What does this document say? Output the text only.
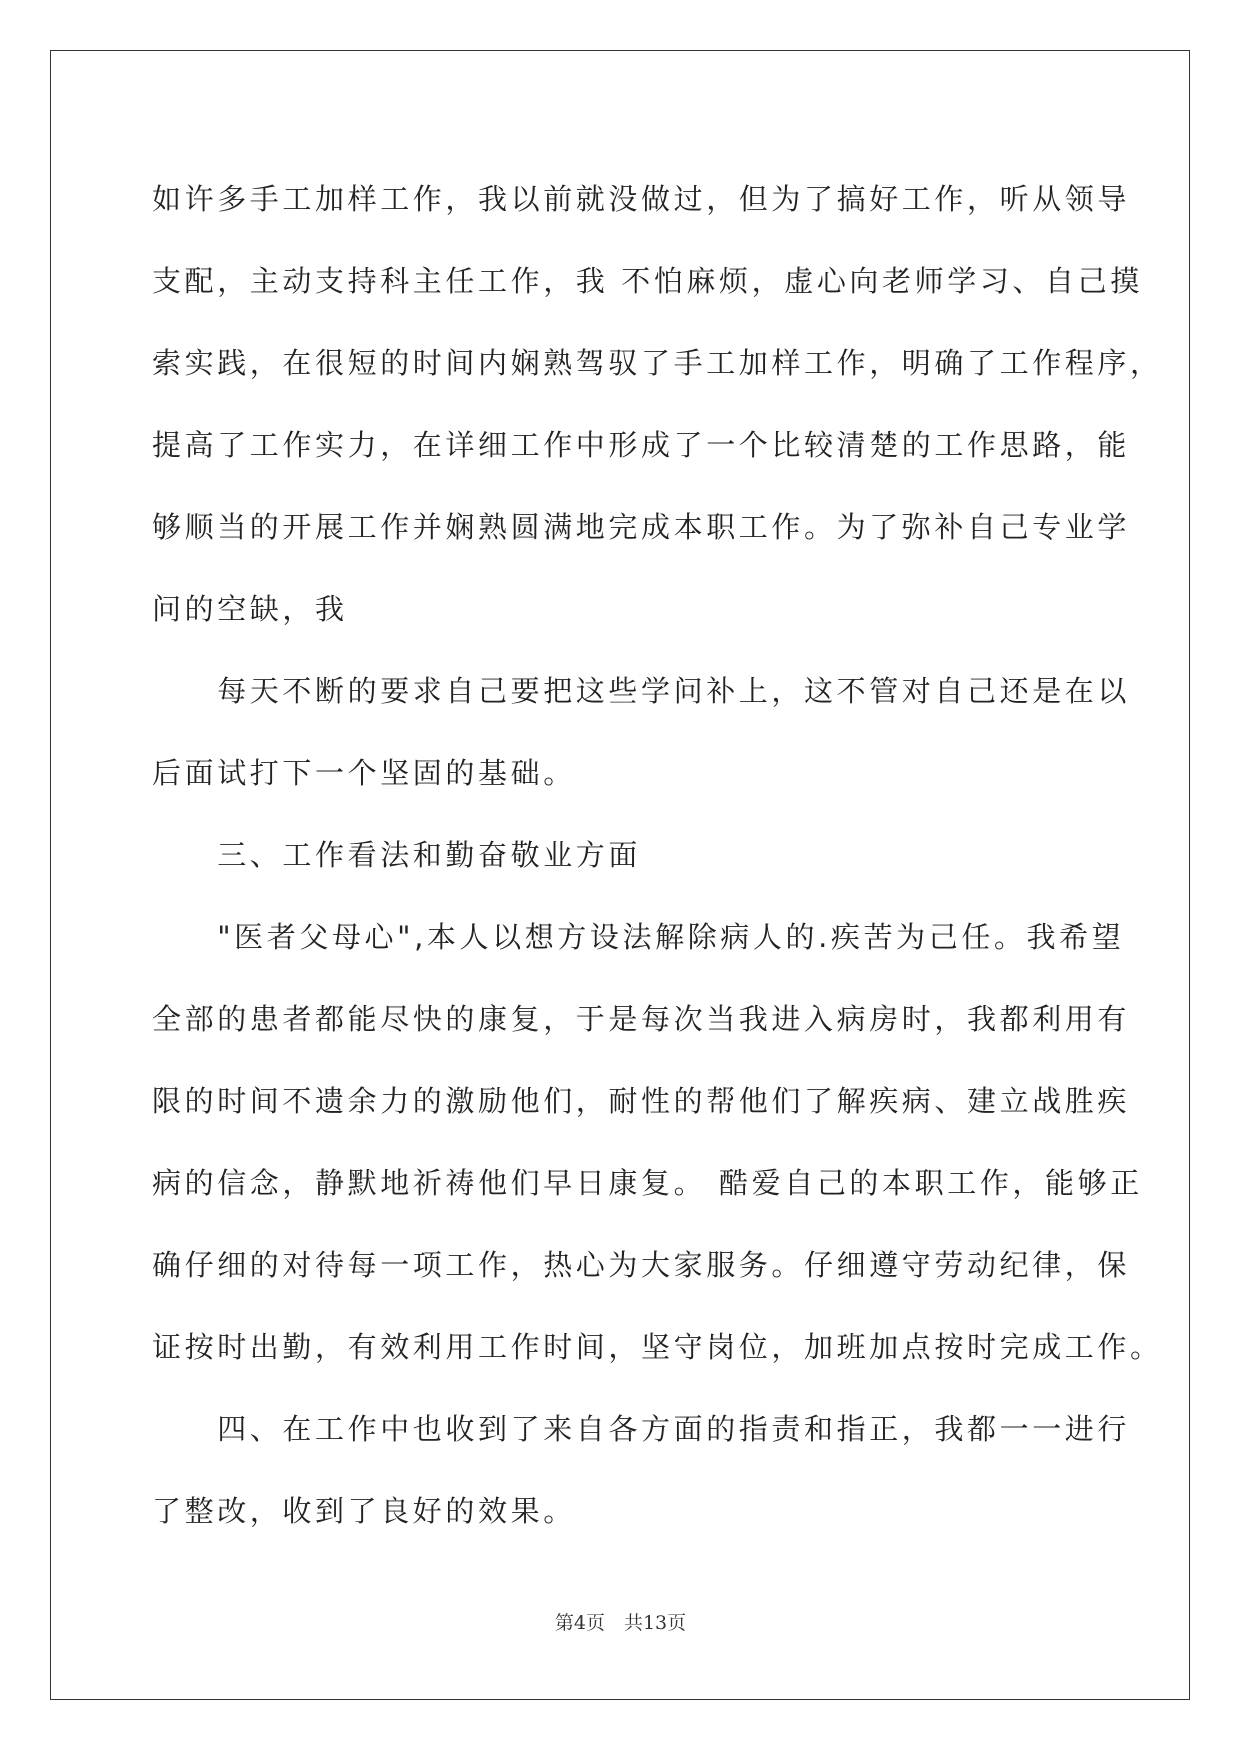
如许多手工加样工作，我以前就没做过，但为了搞好工作，听从领导
支配，主动支持科主任工作，我 不怕麻烦，虚心向老师学习、自己摸
索实践，在很短的时间内娴熟驾驭了手工加样工作，明确了工作程序，
提高了工作实力，在详细工作中形成了一个比较清楚的工作思路，能
够顺当的开展工作并娴熟圆满地完成本职工作。为了弥补自己专业学
问的空缺，我
　　每天不断的要求自己要把这些学问补上，这不管对自己还是在以
后面试打下一个坚固的基础。
　　三、工作看法和勤奋敬业方面
　　"医者父母心",本人以想方设法解除病人的.疾苦为己任。我希望
全部的患者都能尽快的康复，于是每次当我进入病房时，我都利用有
限的时间不遗余力的激励他们，耐性的帮他们了解疾病、建立战胜疾
病的信念，静默地祈祷他们早日康复。 酷爱自己的本职工作，能够正
确仔细的对待每一项工作，热心为大家服务。仔细遵守劳动纪律，保
证按时出勤，有效利用工作时间，坚守岗位，加班加点按时完成工作。
　　四、在工作中也收到了来自各方面的指责和指正，我都一一进行
了整改，收到了良好的效果。
第4页　共13页
